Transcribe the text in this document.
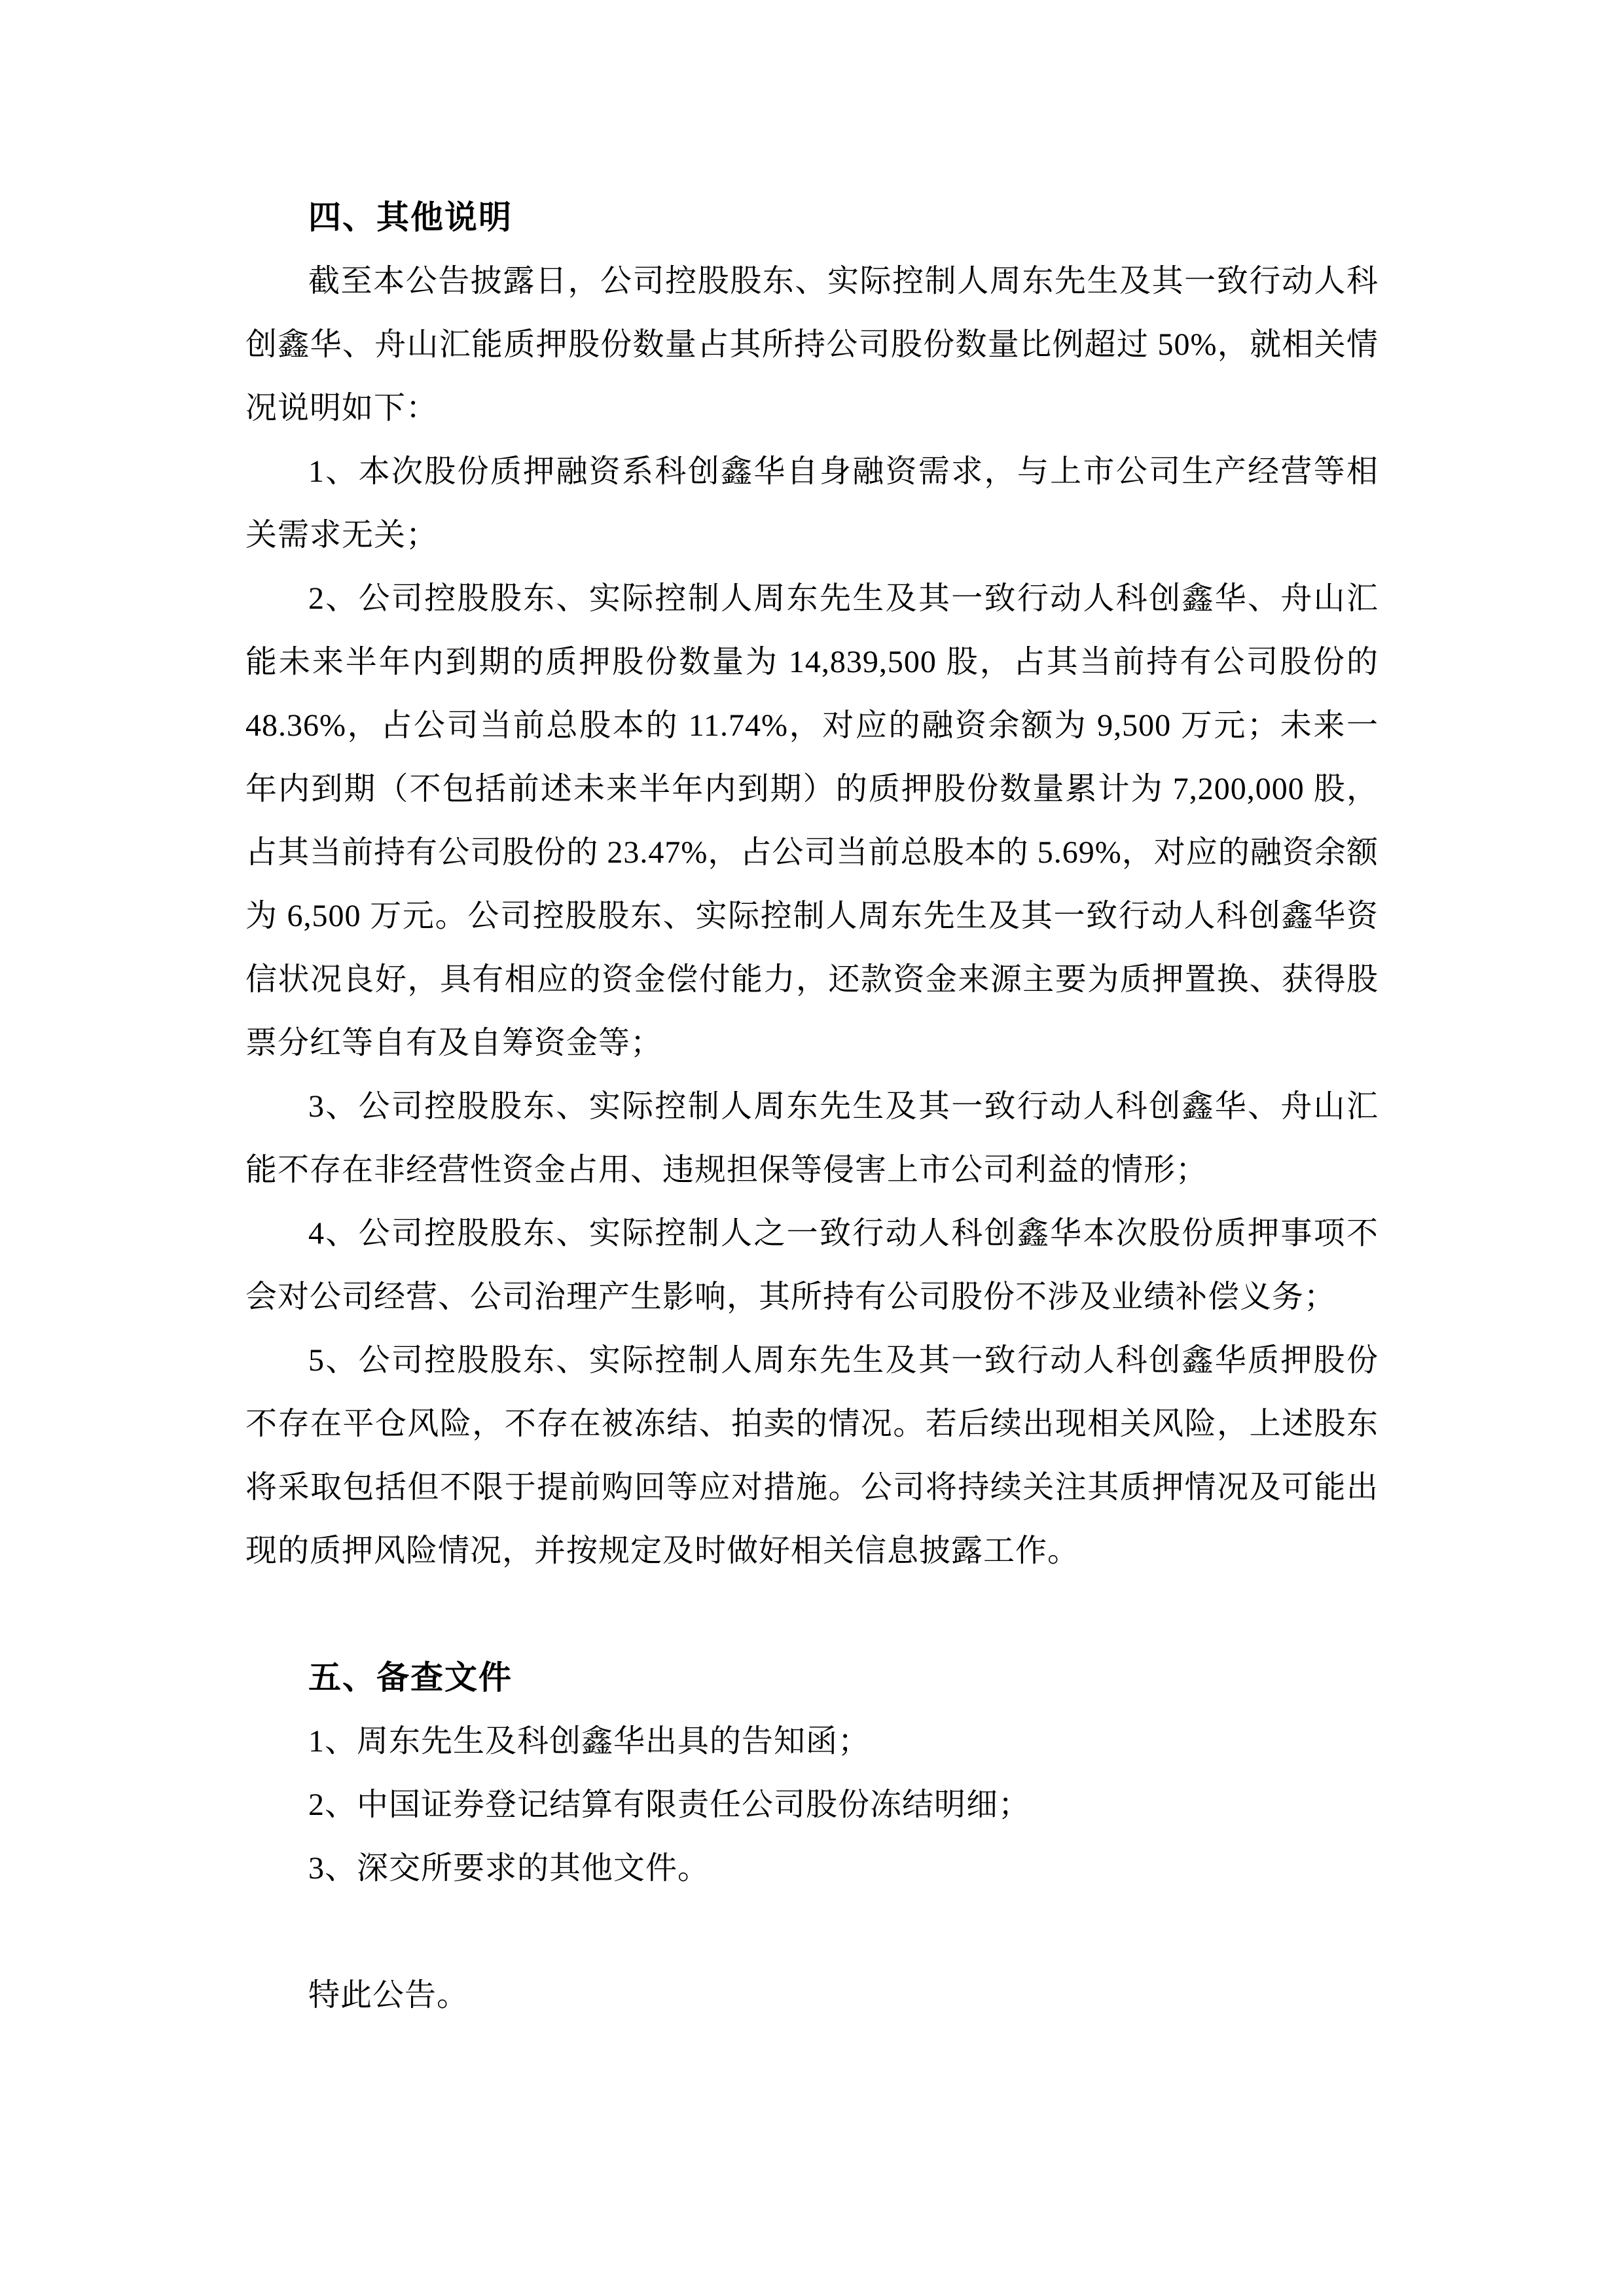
四、其他说明

截至本公告披露日，公司控股股东、实际控制人周东先生及其一致行动人科创鑫华、舟山汇能质押股份数量占其所持公司股份数量比例超过 50%，就相关情况说明如下：

1、本次股份质押融资系科创鑫华自身融资需求，与上市公司生产经营等相关需求无关；

2、公司控股股东、实际控制人周东先生及其一致行动人科创鑫华、舟山汇能未来半年内到期的质押股份数量为 14,839,500 股，占其当前持有公司股份的 48.36%，占公司当前总股本的 11.74%，对应的融资余额为 9,500 万元；未来一年内到期（不包括前述未来半年内到期）的质押股份数量累计为 7,200,000 股，占其当前持有公司股份的 23.47%，占公司当前总股本的 5.69%，对应的融资余额为 6,500 万元。公司控股股东、实际控制人周东先生及其一致行动人科创鑫华资信状况良好，具有相应的资金偿付能力，还款资金来源主要为质押置换、获得股票分红等自有及自筹资金等；

3、公司控股股东、实际控制人周东先生及其一致行动人科创鑫华、舟山汇能不存在非经营性资金占用、违规担保等侵害上市公司利益的情形；

4、公司控股股东、实际控制人之一致行动人科创鑫华本次股份质押事项不会对公司经营、公司治理产生影响，其所持有公司股份不涉及业绩补偿义务；

5、公司控股股东、实际控制人周东先生及其一致行动人科创鑫华质押股份不存在平仓风险，不存在被冻结、拍卖的情况。若后续出现相关风险，上述股东将采取包括但不限于提前购回等应对措施。公司将持续关注其质押情况及可能出现的质押风险情况，并按规定及时做好相关信息披露工作。

五、备查文件

1、周东先生及科创鑫华出具的告知函；

2、中国证券登记结算有限责任公司股份冻结明细；

3、深交所要求的其他文件。

特此公告。
